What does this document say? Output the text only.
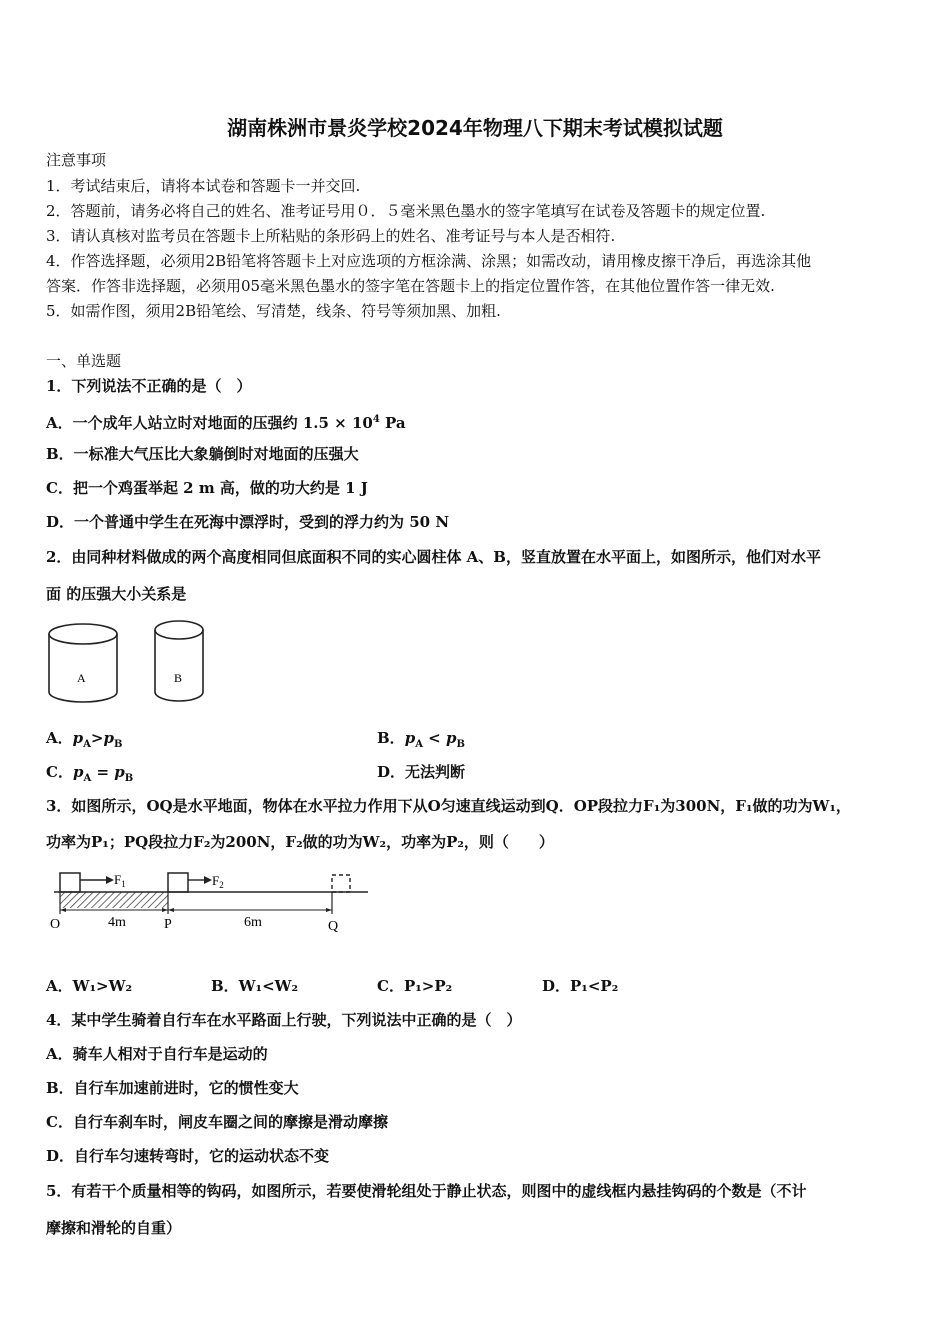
湖南株洲市景炎学校2024年物理八下期末考试模拟试题
注意事项
1．考试结束后，请将本试卷和答题卡一并交回.
2．答题前，请务必将自己的姓名、准考证号用０．５毫米黑色墨水的签字笔填写在试卷及答题卡的规定位置.
3．请认真核对监考员在答题卡上所粘贴的条形码上的姓名、准考证号与本人是否相符.
4．作答选择题，必须用2B铅笔将答题卡上对应选项的方框涂满、涂黑；如需改动，请用橡皮擦干净后，再选涂其他
答案．作答非选择题，必须用05毫米黑色墨水的签字笔在答题卡上的指定位置作答，在其他位置作答一律无效.
5．如需作图，须用2B铅笔绘、写清楚，线条、符号等须加黑、加粗.
一、单选题
1．下列说法不正确的是（　）
A．一个成年人站立时对地面的压强约 $1.5 \times 10^4$ Pa
B．一标准大气压比大象躺倒时对地面的压强大
C．把一个鸡蛋举起 2 m 高，做的功大约是 1 J
D．一个普通中学生在死海中漂浮时，受到的浮力约为 50 N
2．由同种材料做成的两个高度相同但底面积不同的实心圆柱体 A、B，竖直放置在水平面上，如图所示，他们对水平
面 的压强大小关系是
A	B
A．$p_A>p_B$	B．$p_A < p_B$
C．$p_A = p_B$	D．无法判断
3．如图所示，OQ是水平地面，物体在水平拉力作用下从O匀速直线运动到Q．OP段拉力F₁为300N，F₁做的功为W₁，
功率为P₁；PQ段拉力F₂为200N，F₂做的功为W₂，功率为P₂，则（　　）
$F_1$	$F_2$
O	4m	P	6m	Q
A．W₁>W₂	B．W₁<W₂	C．P₁>P₂	D．P₁<P₂
4．某中学生骑着自行车在水平路面上行驶，下列说法中正确的是（　）
A．骑车人相对于自行车是运动的
B．自行车加速前进时，它的惯性变大
C．自行车刹车时，闸皮车圈之间的摩擦是滑动摩擦
D．自行车匀速转弯时，它的运动状态不变
5．有若干个质量相等的钩码，如图所示，若要使滑轮组处于静止状态，则图中的虚线框内悬挂钩码的个数是（不计
摩擦和滑轮的自重）
